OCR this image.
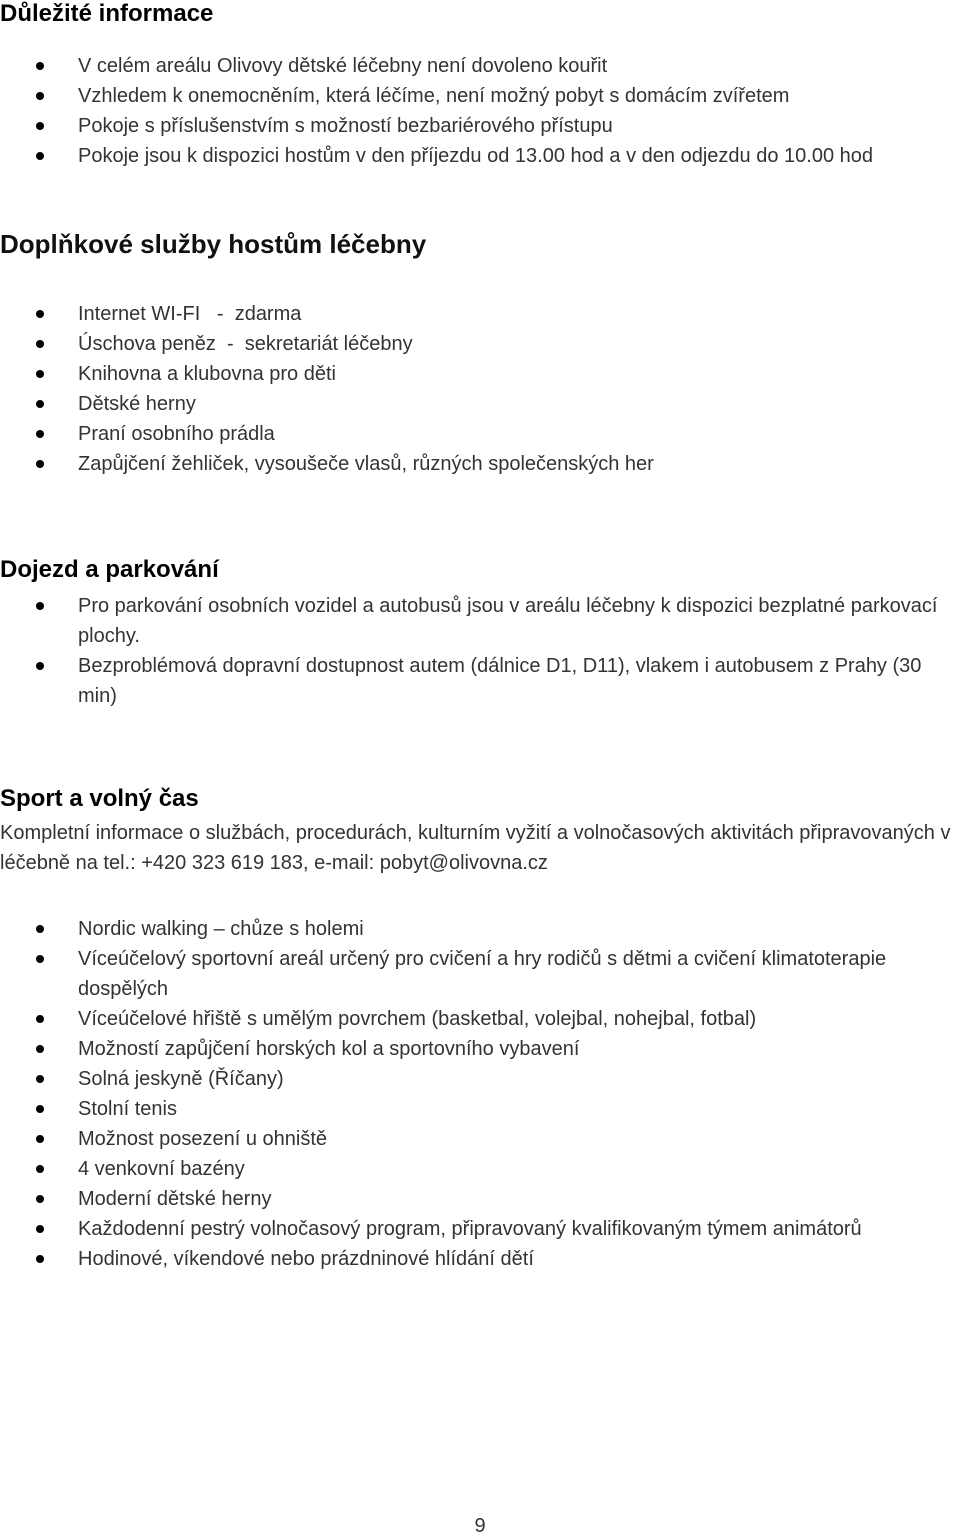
Důležité informace
V celém areálu Olivovy dětské léčebny není dovoleno kouřit
Vzhledem k onemocněním, která léčíme, není možný pobyt s domácím zvířetem
Pokoje s příslušenstvím s možností bezbariérového přístupu
Pokoje jsou k dispozici hostům v den příjezdu od 13.00 hod a v den odjezdu do 10.00 hod
Doplňkové služby hostům léčebny
Internet WI-FI   -  zdarma
Úschova peněz  -  sekretariát léčebny
Knihovna a klubovna pro děti
Dětské herny
Praní osobního prádla
Zapůjčení žehliček, vysoušeče vlasů, různých společenských her
Dojezd a parkování
Pro parkování osobních vozidel a autobusů jsou v areálu léčebny k dispozici bezplatné parkovací plochy.
Bezproblémová dopravní dostupnost autem (dálnice D1, D11), vlakem i autobusem z Prahy (30 min)
Sport a volný čas
Kompletní informace o službách, procedurách, kulturním vyžití a volnočasových aktivitách připravovaných v léčebně na tel.: +420 323 619 183, e-mail: pobyt@olivovna.cz
Nordic walking – chůze s holemi
Víceúčelový sportovní areál určený pro cvičení a hry rodičů s dětmi a cvičení klimatoterapie dospělých
Víceúčelové hřiště s umělým povrchem (basketbal, volejbal, nohejbal, fotbal)
Možností zapůjčení horských kol a sportovního vybavení
Solná jeskyně (Říčany)
Stolní tenis
Možnost posezení u ohniště
4 venkovní bazény
Moderní dětské herny
Každodenní pestrý volnočasový program, připravovaný kvalifikovaným týmem animátorů
Hodinové, víkendové nebo prázdninové hlídání dětí
9
